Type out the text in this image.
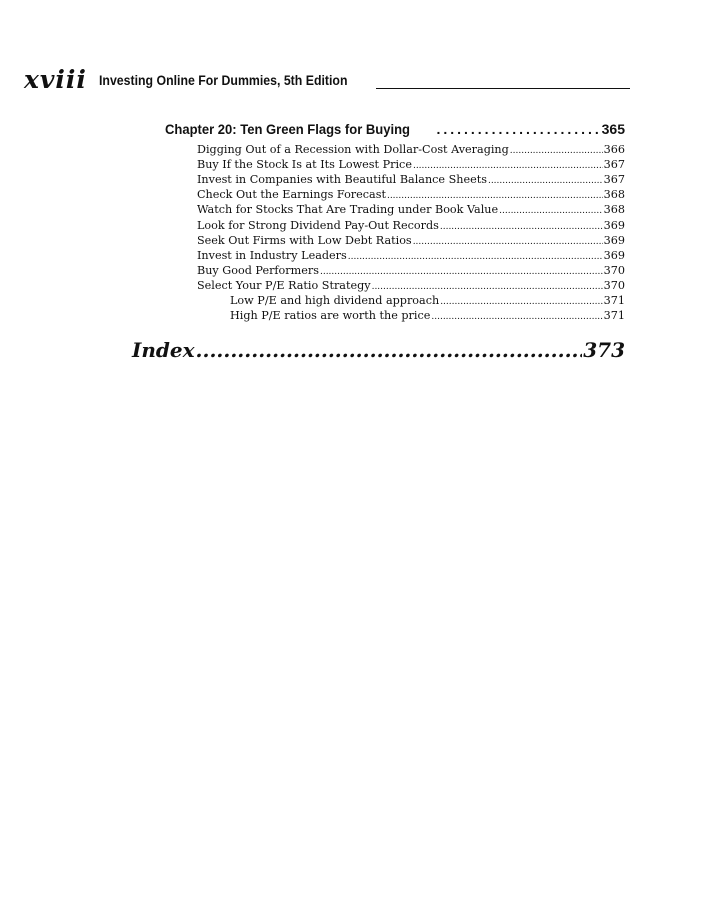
xviii Investing Online For Dummies, 5th Edition
Chapter 20: Ten Green Flags for Buying .....	365
Digging Out of a Recession with Dollar-Cost Averaging .....	366
Buy If the Stock Is at Its Lowest Price .....	367
Invest in Companies with Beautiful Balance Sheets .....	367
Check Out the Earnings Forecast .....	368
Watch for Stocks That Are Trading under Book Value .....	368
Look for Strong Dividend Pay-Out Records .....	369
Seek Out Firms with Low Debt Ratios .....	369
Invest in Industry Leaders .....	369
Buy Good Performers .....	370
Select Your P/E Ratio Strategy .....	370
Low P/E and high dividend approach .....	371
High P/E ratios are worth the price .....	371
Index .....	373
